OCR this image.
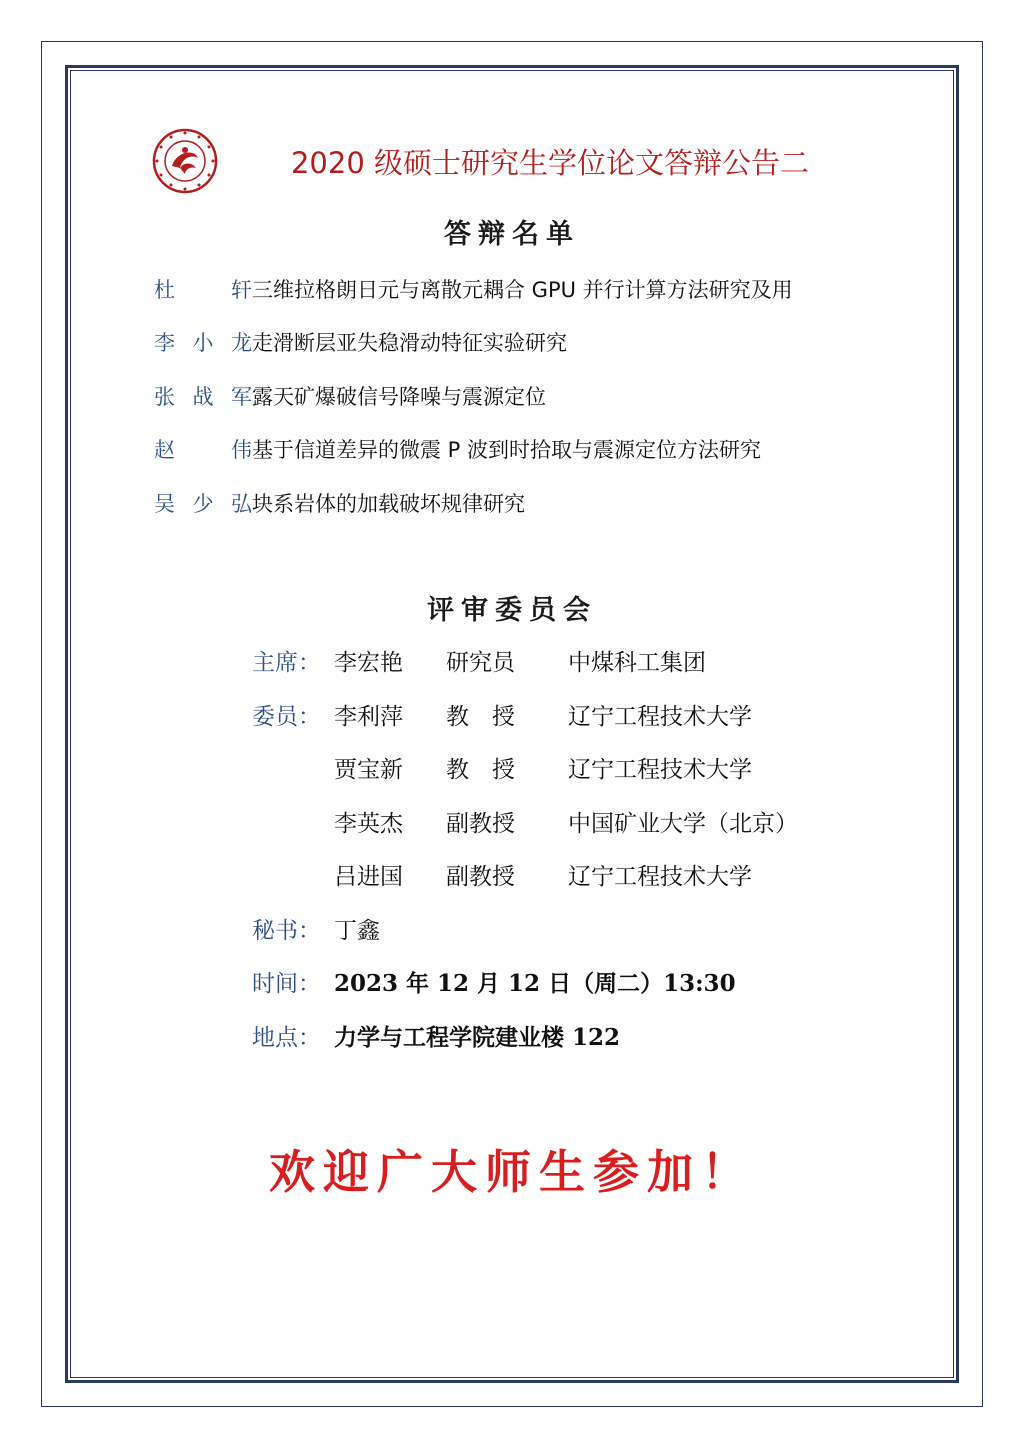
2020 级硕士研究生学位论文答辩公告二
答辩名单
杜　轩 三维拉格朗日元与离散元耦合 GPU 并行计算方法研究及用
李小龙 走滑断层亚失稳滑动特征实验研究
张战军 露天矿爆破信号降噪与震源定位
赵　伟 基于信道差异的微震 P 波到时拾取与震源定位方法研究
吴少弘 块系岩体的加载破坏规律研究
评审委员会
主席： 李宏艳	研究员	中煤科工集团
委员： 李利萍	教　授	辽宁工程技术大学
贾宝新	教　授	辽宁工程技术大学
李英杰	副教授	中国矿业大学（北京）
吕进国	副教授	辽宁工程技术大学
秘书： 丁鑫
时间： 2023 年 12 月 12 日（周二）13:30
地点： 力学与工程学院建业楼 122
欢迎广大师生参加！
